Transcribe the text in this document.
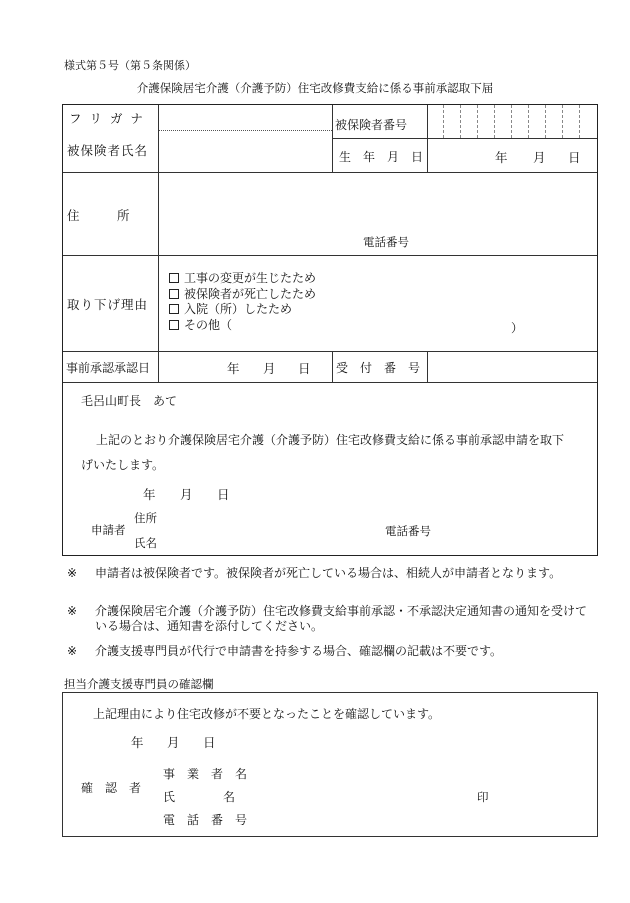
様式第５号（第５条関係）
介護保険居宅介護（介護予防）住宅改修費支給に係る事前承認取下届
フ リ ガ ナ
被保険者氏名
被保険者番号
生　年　月　日	年 月 日
住　　　所
電話番号
取り下げ理由
工事の変更が生じたため
被保険者が死亡したため
入院（所）したため
その他（	）
事前承認承認日	年 月 日 受　付　番　号
毛呂山町長　あて
上記のとおり介護保険居宅介護（介護予防）住宅改修費支給に係る事前承認申請を取下
げいたします。
年 月 日
申請者
住所
氏名
電話番号
※ 申請者は被保険者です。被保険者が死亡している場合は、相続人が申請者となります。
※ 介護保険居宅介護（介護予防）住宅改修費支給事前承認・不承認決定通知書の通知を受けている場合は、通知書を添付してください。
※ 介護支援専門員が代行で申請書を持参する場合、確認欄の記載は不要です。
担当介護支援専門員の確認欄
上記理由により住宅改修が不要となったことを確認しています。
年 月 日
確　認　者
事　業　者　名
氏　　　　名
電　話　番　号
印
